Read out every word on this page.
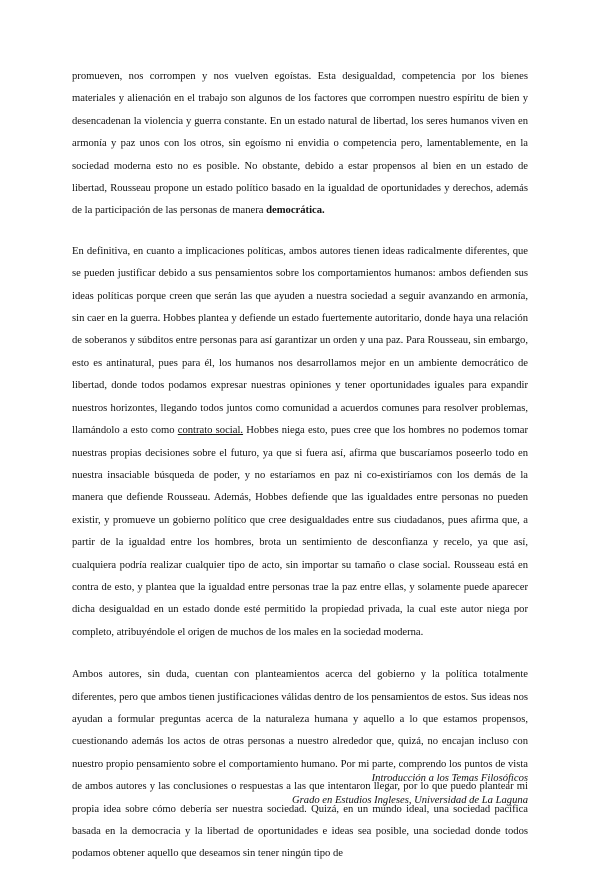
promueven, nos corrompen y nos vuelven egoístas. Esta desigualdad, competencia por los bienes materiales y alienación en el trabajo son algunos de los factores que corrompen nuestro espíritu de bien y desencadenan la violencia y guerra constante. En un estado natural de libertad, los seres humanos viven en armonía y paz unos con los otros, sin egoísmo ni envidia o competencia pero, lamentablemente, en la sociedad moderna esto no es posible. No obstante, debido a estar propensos al bien en un estado de libertad, Rousseau propone un estado político basado en la igualdad de oportunidades y derechos, además de la participación de las personas de manera democrática.

En definitiva, en cuanto a implicaciones políticas, ambos autores tienen ideas radicalmente diferentes, que se pueden justificar debido a sus pensamientos sobre los comportamientos humanos: ambos defienden sus ideas políticas porque creen que serán las que ayuden a nuestra sociedad a seguir avanzando en armonía, sin caer en la guerra. Hobbes plantea y defiende un estado fuertemente autoritario, donde haya una relación de soberanos y súbditos entre personas para así garantizar un orden y una paz. Para Rousseau, sin embargo, esto es antinatural, pues para él, los humanos nos desarrollamos mejor en un ambiente democrático de libertad, donde todos podamos expresar nuestras opiniones y tener oportunidades iguales para expandir nuestros horizontes, llegando todos juntos como comunidad a acuerdos comunes para resolver problemas, llamándolo a esto como contrato social. Hobbes niega esto, pues cree que los hombres no podemos tomar nuestras propias decisiones sobre el futuro, ya que si fuera así, afirma que buscaríamos poseerlo todo en nuestra insaciable búsqueda de poder, y no estaríamos en paz ni co-existiríamos con los demás de la manera que defiende Rousseau. Además, Hobbes defiende que las igualdades entre personas no pueden existir, y promueve un gobierno político que cree desigualdades entre sus ciudadanos, pues afirma que, a partir de la igualdad entre los hombres, brota un sentimiento de desconfianza y recelo, ya que así, cualquiera podría realizar cualquier tipo de acto, sin importar su tamaño o clase social. Rousseau está en contra de esto, y plantea que la igualdad entre personas trae la paz entre ellas, y solamente puede aparecer dicha desigualdad en un estado donde esté permitido la propiedad privada, la cual este autor niega por completo, atribuyéndole el origen de muchos de los males en la sociedad moderna.

Ambos autores, sin duda, cuentan con planteamientos acerca del gobierno y la política totalmente diferentes, pero que ambos tienen justificaciones válidas dentro de los pensamientos de estos. Sus ideas nos ayudan a formular preguntas acerca de la naturaleza humana y aquello a lo que estamos propensos, cuestionando además los actos de otras personas a nuestro alrededor que, quizá, no encajan incluso con nuestro propio pensamiento sobre el comportamiento humano. Por mi parte, comprendo los puntos de vista de ambos autores y las conclusiones o respuestas a las que intentaron llegar, por lo que puedo plantear mi propia idea sobre cómo debería ser nuestra sociedad. Quizá, en un mundo ideal, una sociedad pacífica basada en la democracia y la libertad de oportunidades e ideas sea posible, una sociedad donde todos podamos obtener aquello que deseamos sin tener ningún tipo de

Introducción a los Temas Filosóficos
Grado en Estudios Ingleses, Universidad de La Laguna
